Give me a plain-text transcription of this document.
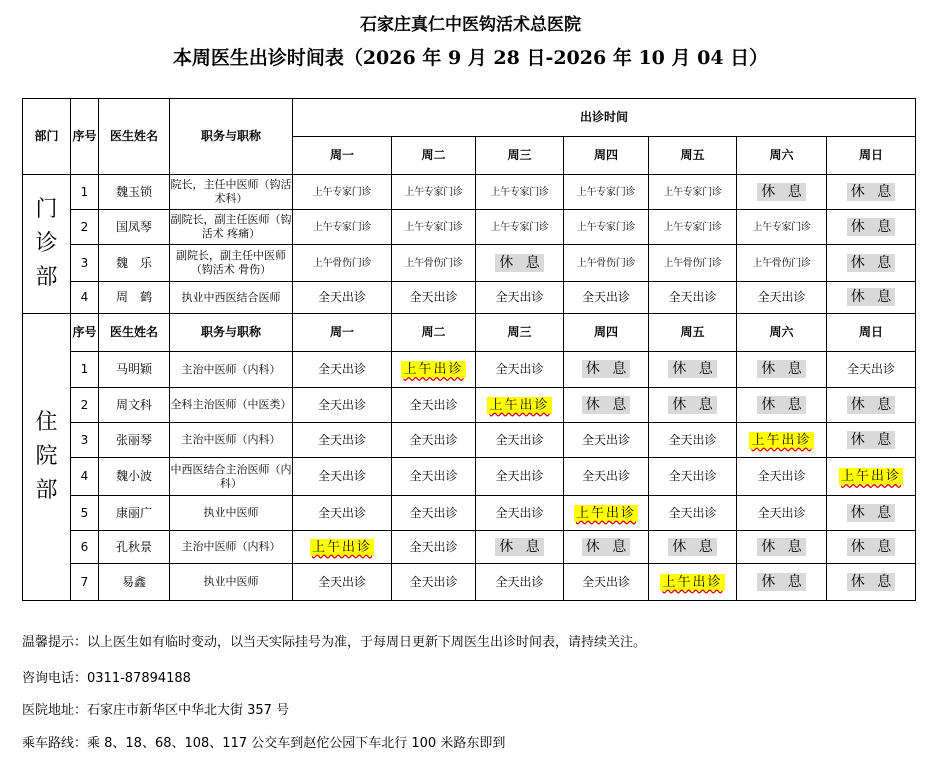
石家庄真仁中医钩活术总医院
本周医生出诊时间表（2026 年 9 月 28 日-2026 年 10 月 04 日）
部门	序号	医生姓名	职务与职称	出诊时间						
				周一	周二	周三	周四	周五	周六	周日
门诊部	1	魏玉锁	院长，主任中医师（钩活术科）	上午专家门诊	上午专家门诊	上午专家门诊	上午专家门诊	上午专家门诊	休 息	休 息
	2	国凤琴	副院长，副主任医师（钩活术 疼痛）	上午专家门诊	上午专家门诊	上午专家门诊	上午专家门诊	上午专家门诊	上午专家门诊	休 息
	3	魏　乐	副院长，副主任中医师（钩活术 骨伤）	上午骨伤门诊	上午骨伤门诊	休 息	上午骨伤门诊	上午骨伤门诊	上午骨伤门诊	休 息
	4	周　鹤	执业中西医结合医师	全天出诊	全天出诊	全天出诊	全天出诊	全天出诊	全天出诊	休 息
住院部	序号	医生姓名	职务与职称	周一	周二	周三	周四	周五	周六	周日
	1	马明颖	主治中医师（内科）	全天出诊	上午出诊	全天出诊	休 息	休 息	休 息	全天出诊
	2	周文科	全科主治医师（中医类）	全天出诊	全天出诊	上午出诊	休 息	休 息	休 息	休 息
	3	张丽琴	主治中医师（内科）	全天出诊	全天出诊	全天出诊	全天出诊	全天出诊	上午出诊	休 息
	4	魏小波	中西医结合主治医师（内科）	全天出诊	全天出诊	全天出诊	全天出诊	全天出诊	全天出诊	上午出诊
	5	康丽广	执业中医师	全天出诊	全天出诊	全天出诊	上午出诊	全天出诊	全天出诊	休 息
	6	孔秋景	主治中医师（内科）	上午出诊	全天出诊	休 息	休 息	休 息	休 息	休 息
	7	易鑫	执业中医师	全天出诊	全天出诊	全天出诊	全天出诊	上午出诊	休 息	休 息
温馨提示：以上医生如有临时变动，以当天实际挂号为准，于每周日更新下周医生出诊时间表，请持续关注。
咨询电话：0311-87894188
医院地址：石家庄市新华区中华北大街 357 号
乘车路线：乘 8、18、68、108、117 公交车到赵佗公园下车北行 100 米路东即到
